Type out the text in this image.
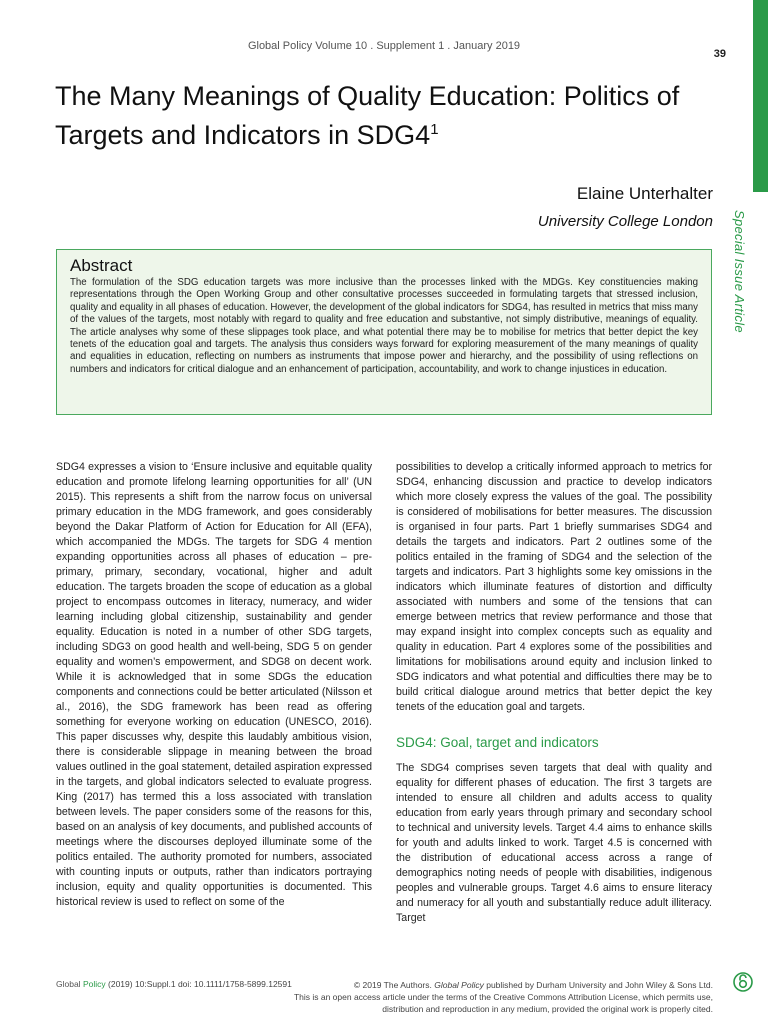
Global Policy Volume 10 . Supplement 1 . January 2019
39
Special Issue Article
The Many Meanings of Quality Education: Politics of Targets and Indicators in $SDG4^1$
Elaine Unterhalter
University College London
Abstract

The formulation of the SDG education targets was more inclusive than the processes linked with the MDGs. Key constituencies making representations through the Open Working Group and other consultative processes succeeded in formulating targets that stressed inclusion, quality and equality in all phases of education. However, the development of the global indicators for SDG4, has resulted in metrics that miss many of the values of the targets, most notably with regard to quality and free education and substantive, not simply distributive, meanings of equality. The article analyses why some of these slippages took place, and what potential there may be to mobilise for metrics that better depict the key tenets of the education goal and targets. The analysis thus considers ways forward for exploring measurement of the many meanings of quality and equalities in education, reflecting on numbers as instruments that impose power and hierarchy, and the possibility of using reflections on numbers and indicators for critical dialogue and an enhancement of participation, accountability, and work to change injustices in education.

SDG4 expresses a vision to ‘Ensure inclusive and equitable quality education and promote lifelong learning opportunities for all’ (UN 2015). This represents a shift from the narrow focus on universal primary education in the MDG framework, and goes considerably beyond the Dakar Platform of Action for Education for All (EFA), which accompanied the MDGs. The targets for SDG 4 mention expanding opportunities across all phases of education – pre-primary, primary, secondary, vocational, higher and adult education. The targets broaden the scope of education as a global project to encompass outcomes in literacy, numeracy, and wider learning including global citizenship, sustainability and gender equality. Education is noted in a number of other SDG targets, including SDG3 on good health and well-being, SDG 5 on gender equality and women’s empowerment, and SDG8 on decent work. While it is acknowledged that in some SDGs the education components and connections could be better articulated (Nilsson et al., 2016), the SDG framework has been read as offering something for everyone working on education (UNESCO, 2016). This paper discusses why, despite this laudably ambitious vision, there is considerable slippage in meaning between the broad values outlined in the goal statement, detailed aspiration expressed in the targets, and global indicators selected to evaluate progress. King (2017) has termed this a loss associated with translation between levels. The paper considers some of the reasons for this, based on an analysis of key documents, and published accounts of meetings where the discourses deployed illuminate some of the politics entailed. The authority promoted for numbers, associated with counting inputs or outputs, rather than indicators portraying inclusion, equity and quality opportunities is documented. This historical review is used to reflect on some of the

possibilities to develop a critically informed approach to metrics for SDG4, enhancing discussion and practice to develop indicators which more closely express the values of the goal. The possibility is considered of mobilisations for better measures. The discussion is organised in four parts. Part 1 briefly summarises SDG4 and details the targets and indicators. Part 2 outlines some of the politics entailed in the framing of SDG4 and the selection of the targets and indicators. Part 3 highlights some key omissions in the indicators which illuminate features of distortion and difficulty associated with numbers and some of the tensions that can emerge between metrics that review performance and those that may expand insight into complex concepts such as equality and quality in education. Part 4 explores some of the possibilities and limitations for mobilisations around equity and inclusion linked to SDG indicators and what potential and difficulties there may be to build critical dialogue around metrics that better depict the key tenets of the education goal and targets.

SDG4: Goal, target and indicators

The SDG4 comprises seven targets that deal with quality and equality for different phases of education. The first 3 targets are intended to ensure all children and adults access to quality education from early years through primary and secondary school to technical and university levels. Target 4.4 aims to enhance skills for youth and adults linked to work. Target 4.5 is concerned with the distribution of educational access across a range of demographics noting needs of people with disabilities, indigenous peoples and vulnerable groups. Target 4.6 aims to ensure literacy and numeracy for all youth and substantially reduce adult illiteracy. Target

Global Policy (2019) 10:Suppl.1 doi: 10.1111/1758-5899.12591	© 2019 The Authors. Global Policy published by Durham University and John Wiley & Sons Ltd.
This is an open access article under the terms of the Creative Commons Attribution License, which permits use,
distribution and reproduction in any medium, provided the original work is properly cited.
